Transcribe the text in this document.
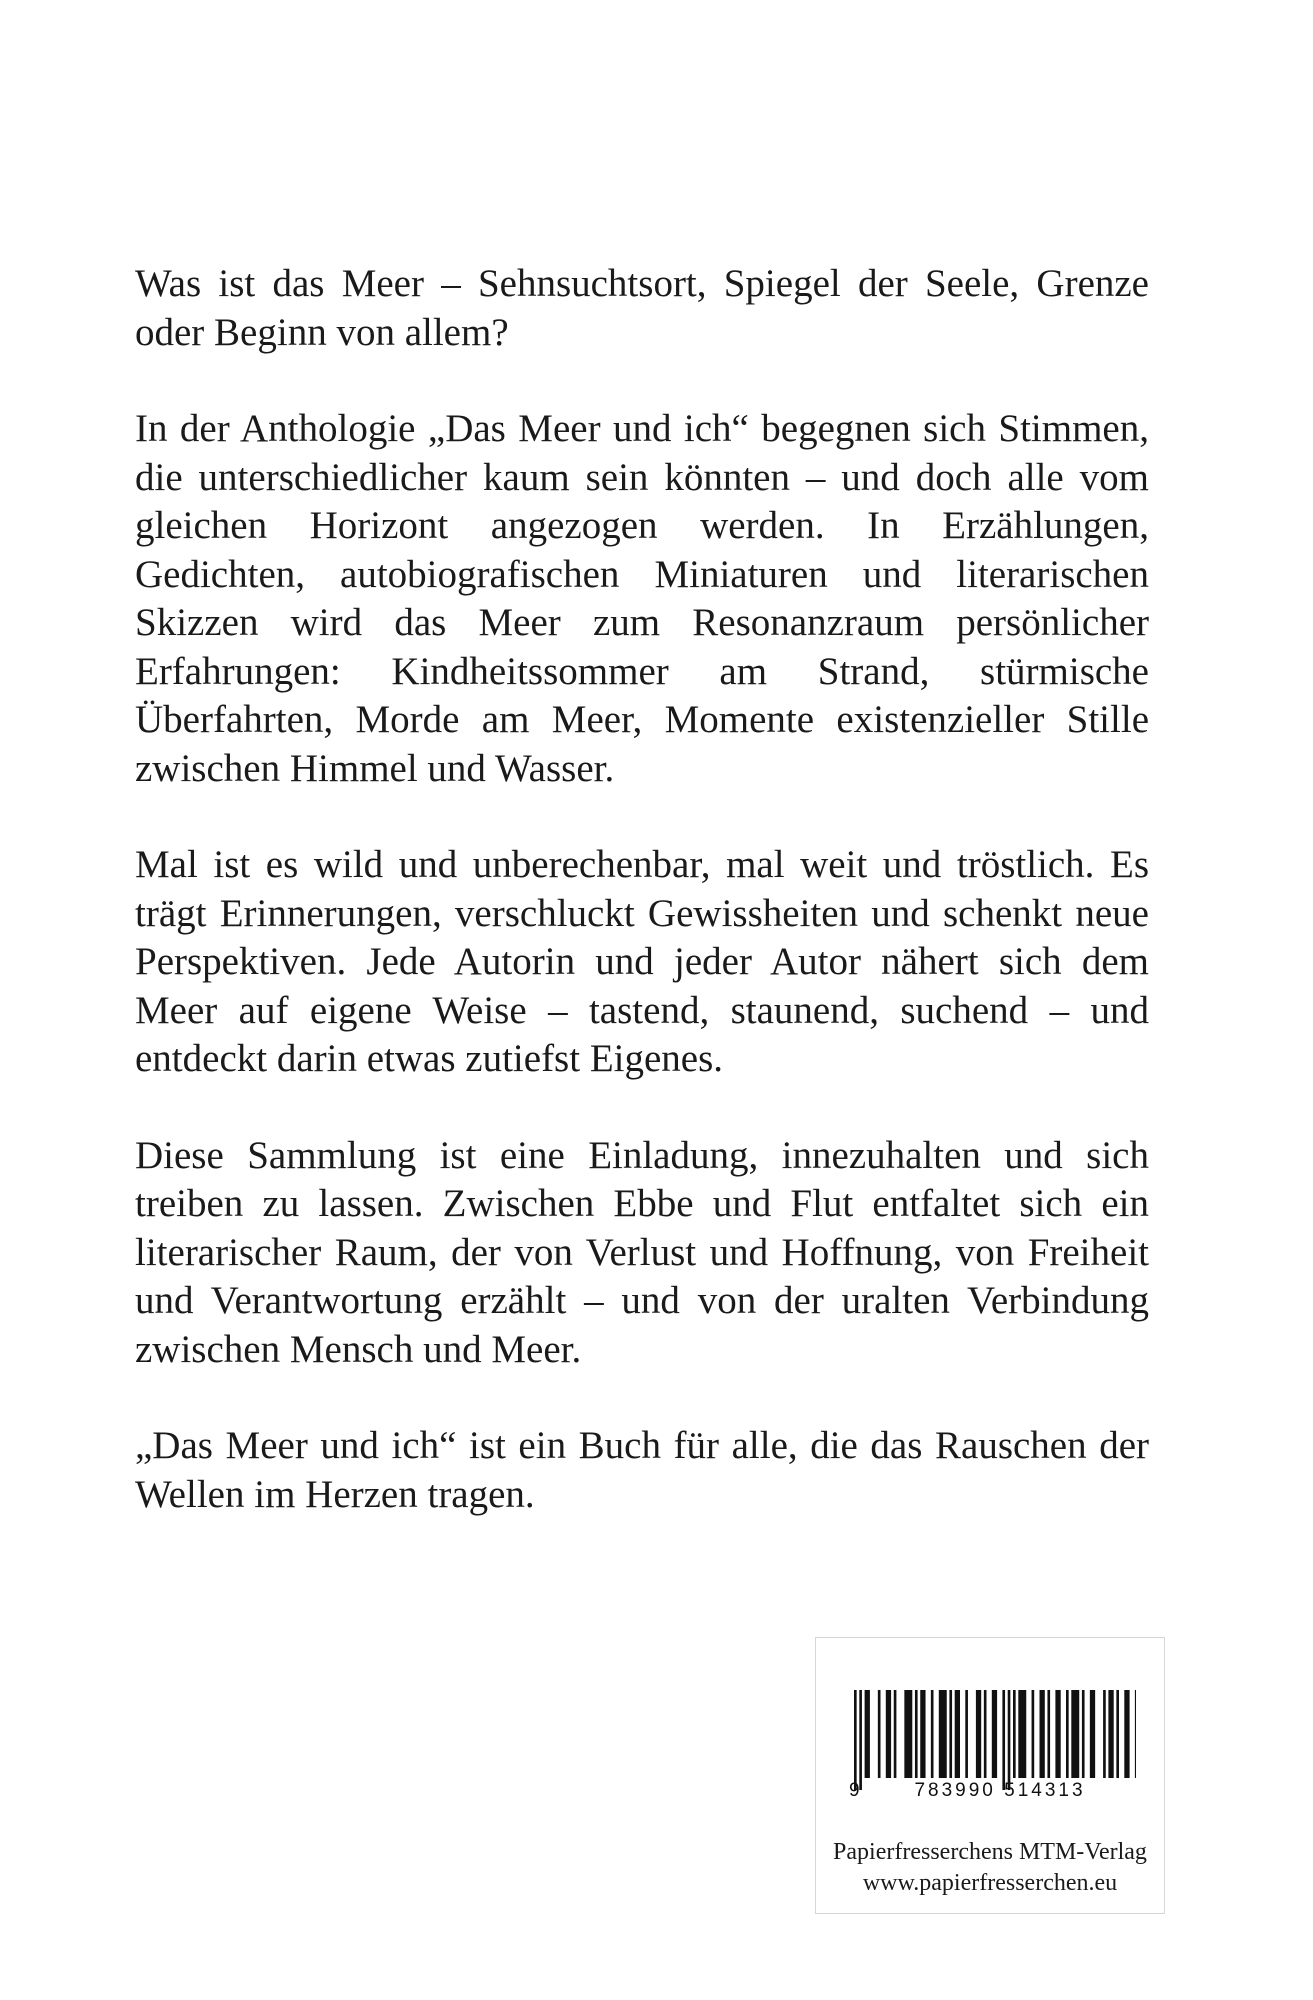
Was ist das Meer – Sehnsuchtsort, Spiegel der Seele, Grenze oder Beginn von allem?

In der Anthologie „Das Meer und ich“ begegnen sich Stimmen, die unterschiedlicher kaum sein könnten – und doch alle vom gleichen Horizont angezogen werden. In Erzählungen, Gedichten, autobiografischen Miniaturen und literarischen Skizzen wird das Meer zum Resonanzraum persönlicher Erfahrungen: Kindheitssommer am Strand, stürmische Überfahrten, Morde am Meer, Momente existenzieller Stille zwischen Himmel und Wasser.

Mal ist es wild und unberechenbar, mal weit und tröstlich. Es trägt Erinnerungen, verschluckt Gewissheiten und schenkt neue Perspektiven. Jede Autorin und jeder Autor nähert sich dem Meer auf eigene Weise – tastend, staunend, suchend – und entdeckt darin etwas zutiefst Eigenes.

Diese Sammlung ist eine Einladung, innezuhalten und sich treiben zu lassen. Zwischen Ebbe und Flut entfaltet sich ein literarischer Raum, der von Verlust und Hoffnung, von Freiheit und Verantwortung erzählt – und von der uralten Verbindung zwischen Mensch und Meer.

„Das Meer und ich“ ist ein Buch für alle, die das Rauschen der Wellen im Herzen tragen.

9	783990 514313
Papierfresserchens MTM-Verlag
www.papierfresserchen.eu
